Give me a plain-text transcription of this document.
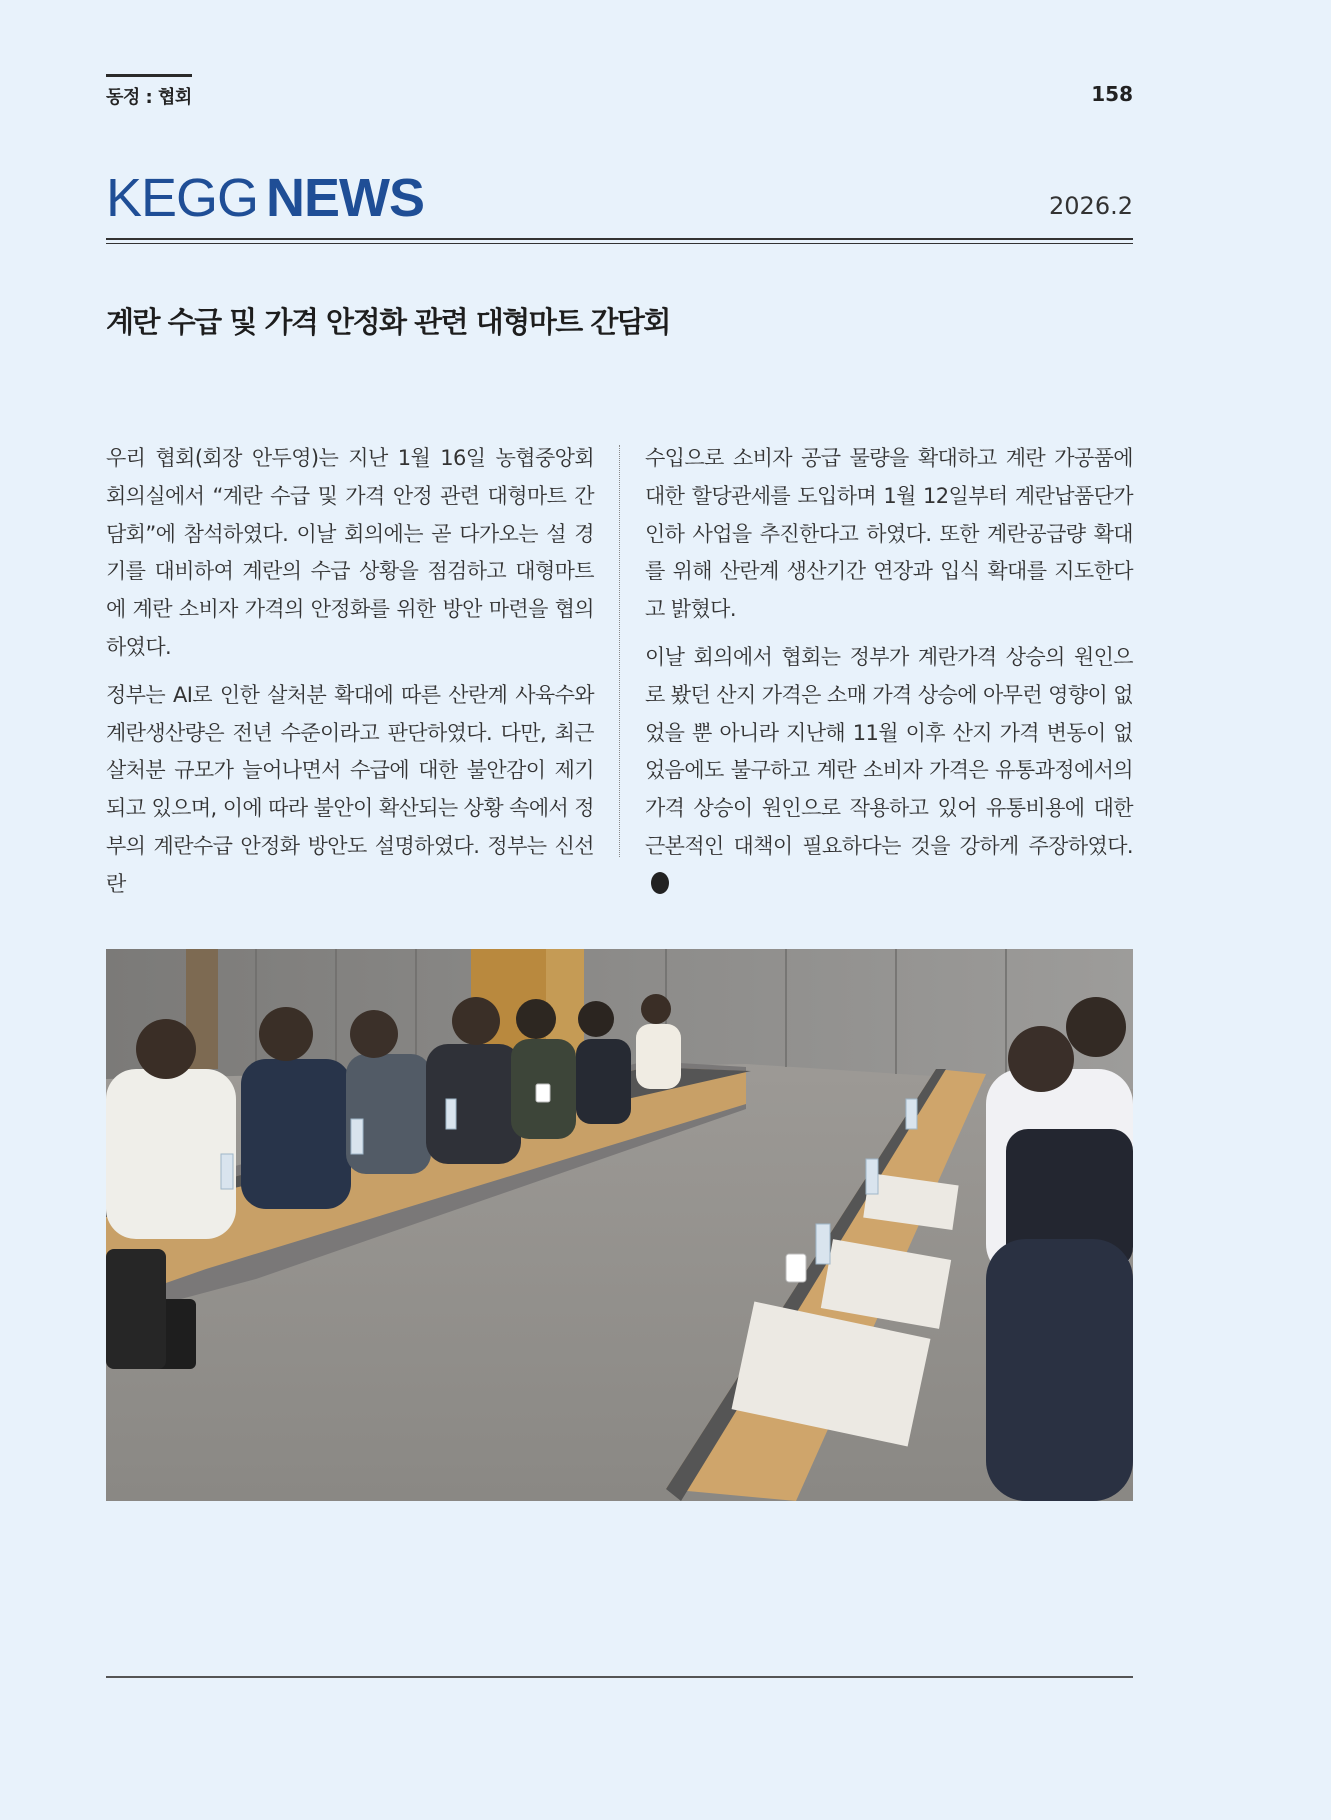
동정 : 협회	158
KEGG NEWS	2026.2
계란 수급 및 가격 안정화 관련 대형마트 간담회

우리 협회(회장 안두영)는 지난 1월 16일 농협중앙회 회의실에서 “계란 수급 및 가격 안정 관련 대형마트 간담회”에 참석하였다. 이날 회의에는 곧 다가오는 설 경기를 대비하여 계란의 수급 상황을 점검하고 대형마트에 계란 소비자 가격의 안정화를 위한 방안 마련을 협의하였다.

정부는 AI로 인한 살처분 확대에 따른 산란계 사육수와 계란생산량은 전년 수준이라고 판단하였다. 다만, 최근 살처분 규모가 늘어나면서 수급에 대한 불안감이 제기되고 있으며, 이에 따라 불안이 확산되는 상황 속에서 정부의 계란수급 안정화 방안도 설명하였다. 정부는 신선란

수입으로 소비자 공급 물량을 확대하고 계란 가공품에 대한 할당관세를 도입하며 1월 12일부터 계란납품단가 인하 사업을 추진한다고 하였다. 또한 계란공급량 확대를 위해 산란계 생산기간 연장과 입식 확대를 지도한다고 밝혔다.

이날 회의에서 협회는 정부가 계란가격 상승의 원인으로 봤던 산지 가격은 소매 가격 상승에 아무런 영향이 없었을 뿐 아니라 지난해 11월 이후 산지 가격 변동이 없었음에도 불구하고 계란 소비자 가격은 유통과정에서의 가격 상승이 원인으로 작용하고 있어 유통비용에 대한 근본적인 대책이 필요하다는 것을 강하게 주장하였다.
